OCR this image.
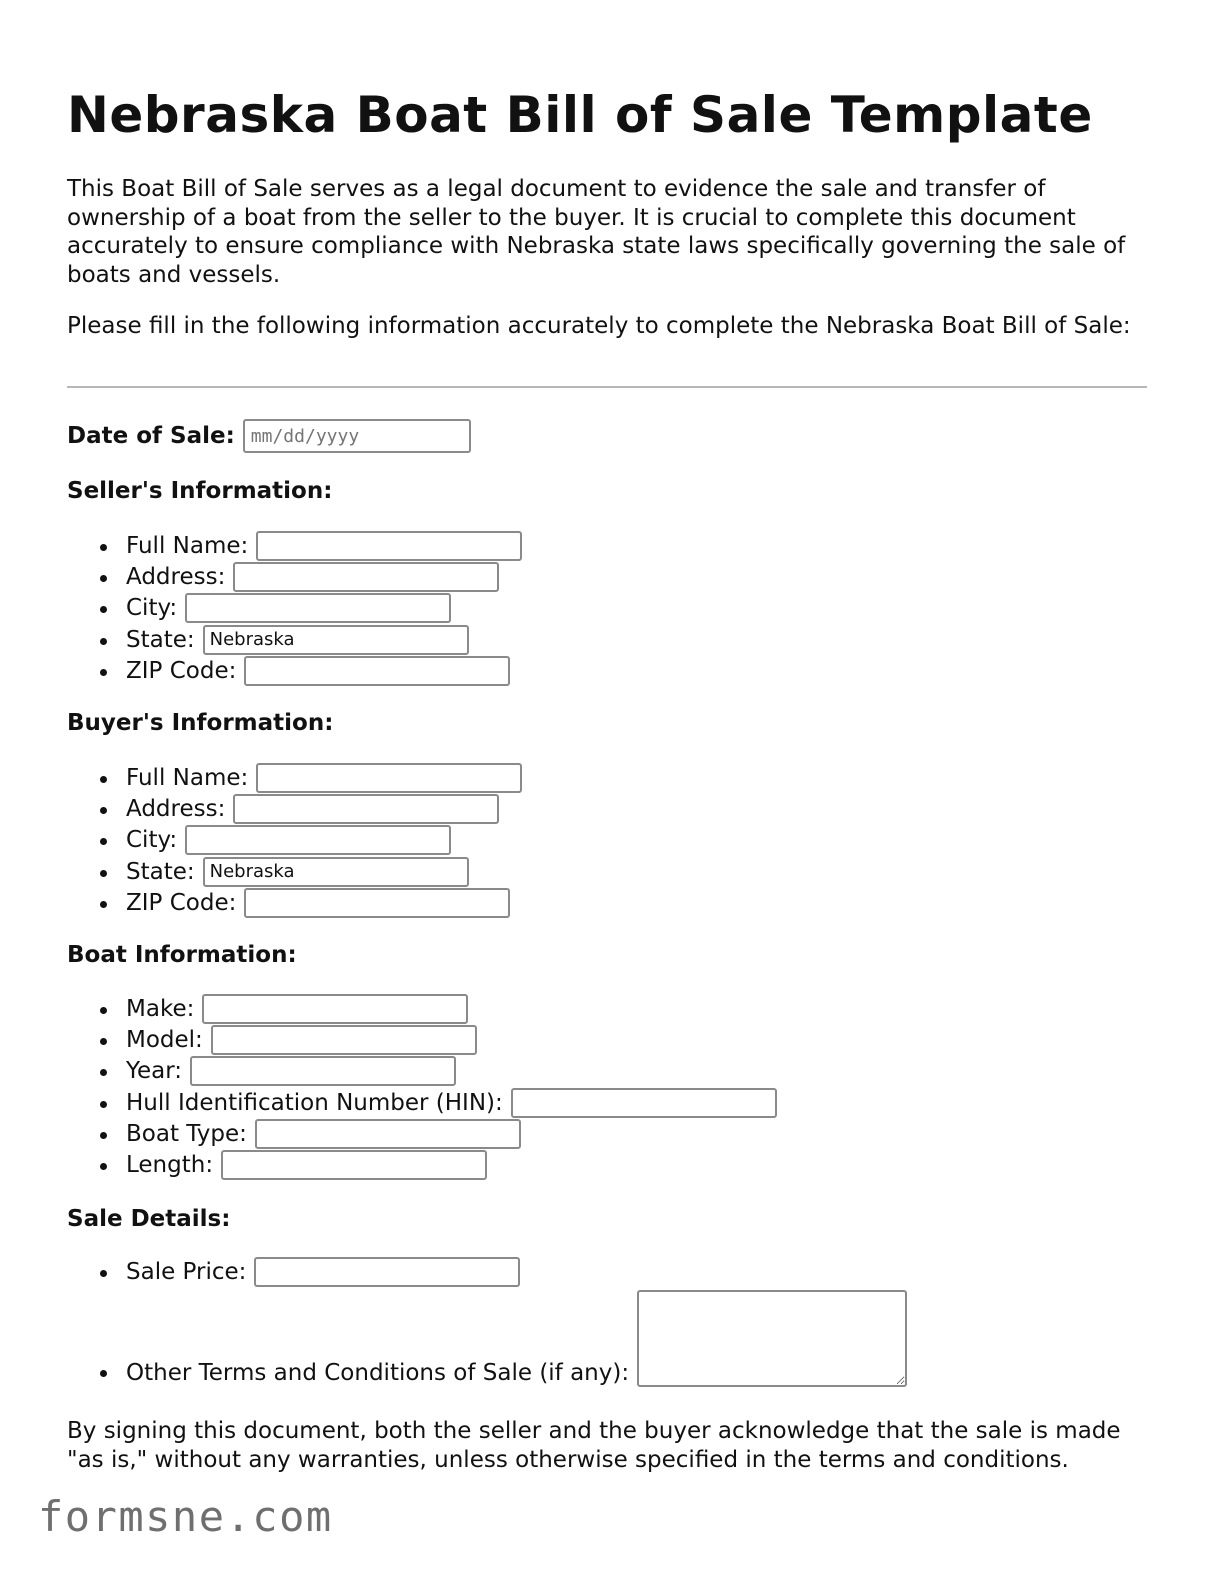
Nebraska Boat Bill of Sale Template

This Boat Bill of Sale serves as a legal document to evidence the sale and transfer of ownership of a boat from the seller to the buyer. It is crucial to complete this document accurately to ensure compliance with Nebraska state laws specifically governing the sale of boats and vessels.

Please fill in the following information accurately to complete the Nebraska Boat Bill of Sale:

Date of Sale:
mm/dd/yyyy
Seller's Information:
Full Name:
Address:
City:
State:
Nebraska
ZIP Code:
Buyer's Information:
Full Name:
Address:
City:
State:
Nebraska
ZIP Code:
Boat Information:
Make:
Model:
Year:
Hull Identification Number (HIN):
Boat Type:
Length:
Sale Details:
Sale Price:
Other Terms and Conditions of Sale (if any):

By signing this document, both the seller and the buyer acknowledge that the sale is made "as is," without any warranties, unless otherwise specified in the terms and conditions.

formsne.com
